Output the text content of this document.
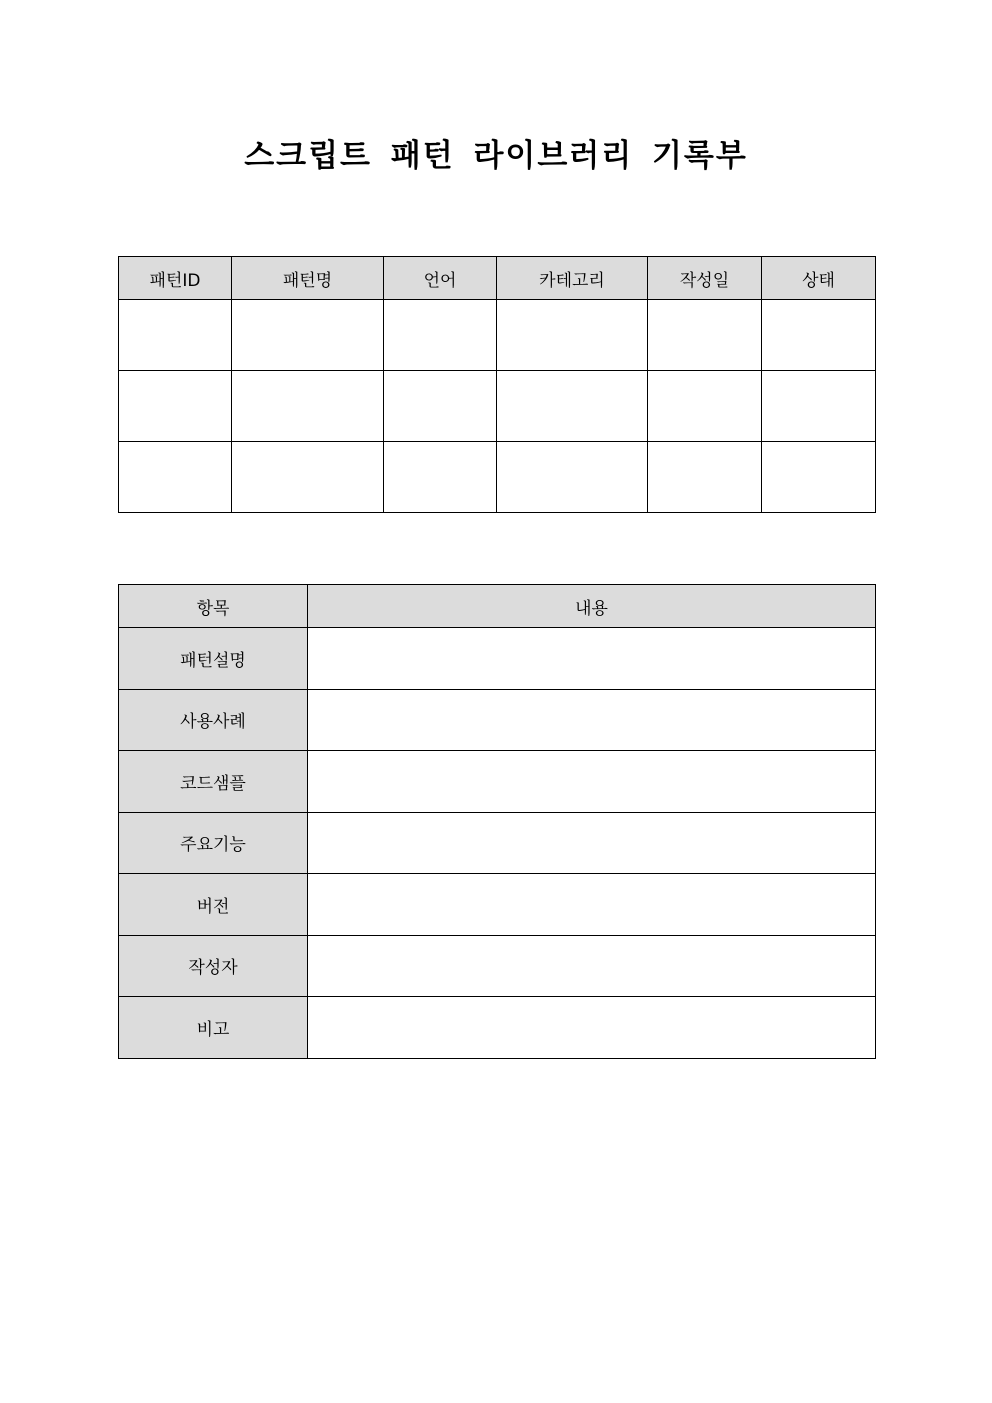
스크립트 패턴 라이브러리 기록부
패턴ID	패턴명	언어	카테고리	작성일	상태

항목	내용
패턴설명	
사용사례	
코드샘플	
주요기능	
버전	
작성자	
비고	
